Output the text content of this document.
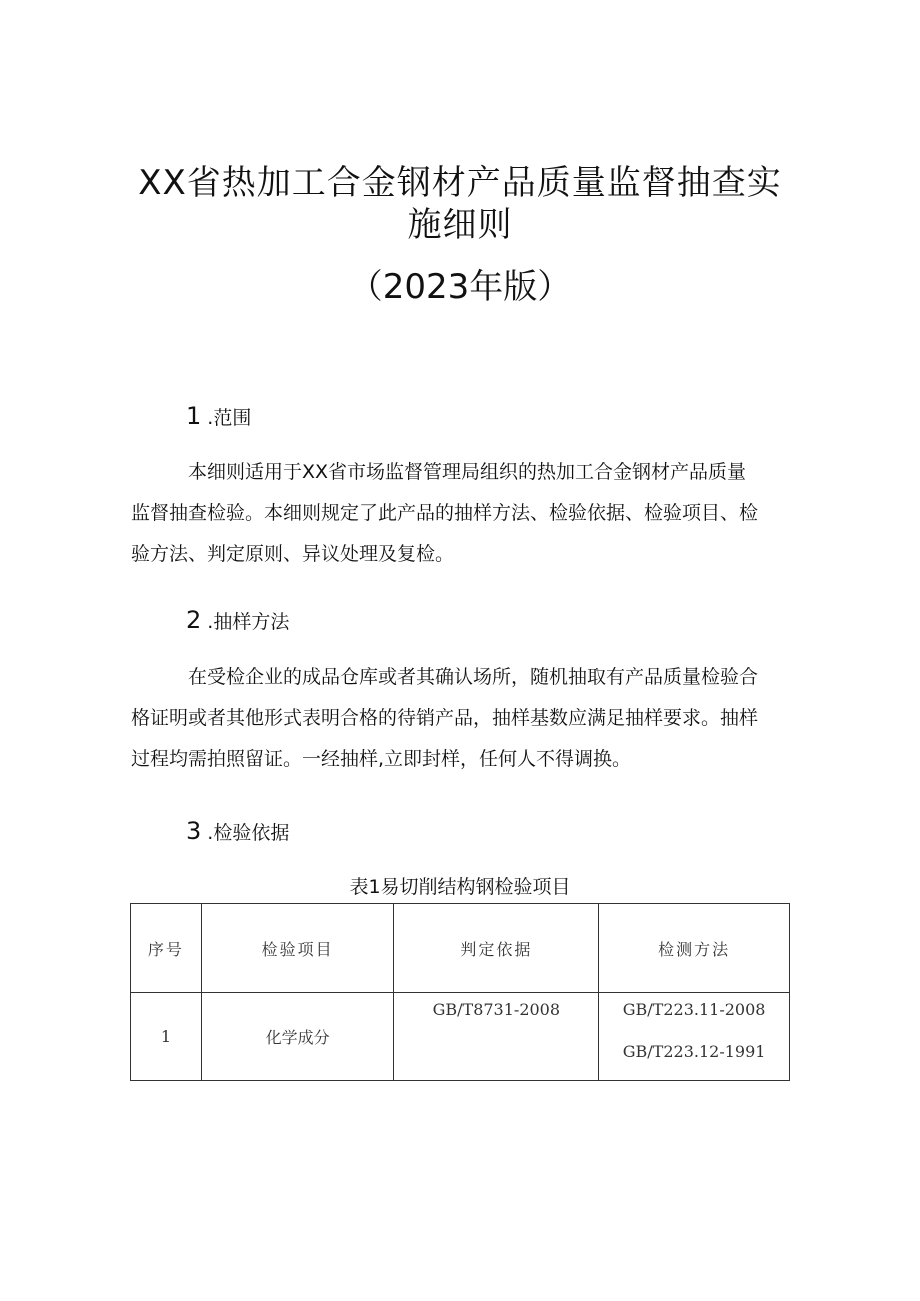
XX省热加工合金钢材产品质量监督抽查实
施细则
（2023年版）
1 .范围

本细则适用于XX省市场监督管理局组织的热加工合金钢材产品质量
监督抽查检验。本细则规定了此产品的抽样方法、检验依据、检验项目、检
验方法、判定原则、异议处理及复检。

2 .抽样方法

在受检企业的成品仓库或者其确认场所，随机抽取有产品质量检验合
格证明或者其他形式表明合格的待销产品，抽样基数应满足抽样要求。抽样
过程均需拍照留证。一经抽样,立即封样，任何人不得调换。

3 .检验依据
表1易切削结构钢检验项目
序号	检验项目	判定依据	检测方法
1	化学成分	GB/T8731-2008	GB/T223.11-2008
GB/T223.12-1991
